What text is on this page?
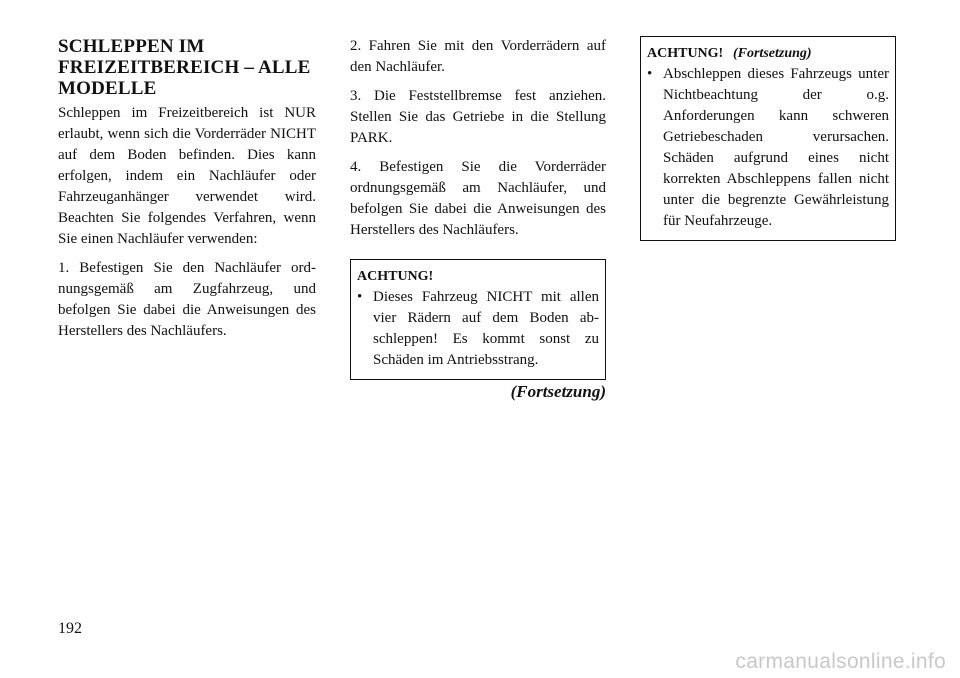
SCHLEPPEN IM
FREIZEITBEREICH – ALLE
MODELLE

Schleppen im Freizeitbereich ist NUR erlaubt, wenn sich die Vorderräder NICHT auf dem Boden befinden. Dies kann erfolgen, indem ein Nachläufer oder Fahrzeuganhänger verwendet wird. Beachten Sie folgendes Verfahren, wenn Sie einen Nachläufer verwenden:

1. Befestigen Sie den Nachläufer ordnungsgemäß am Zugfahrzeug, und befolgen Sie dabei die Anweisungen des Herstellers des Nachläufers.

2. Fahren Sie mit den Vorderrädern auf den Nachläufer.

3. Die Feststellbremse fest anziehen. Stellen Sie das Getriebe in die Stellung PARK.

4. Befestigen Sie die Vorderräder ordnungsgemäß am Nachläufer, und befolgen Sie dabei die Anweisungen des Herstellers des Nachläufers.

ACHTUNG!
• Dieses Fahrzeug NICHT mit allen vier Rädern auf dem Boden abschleppen! Es kommt sonst zu Schäden im Antriebsstrang.
(Fortsetzung)
ACHTUNG! (Fortsetzung)
• Abschleppen dieses Fahrzeugs unter Nichtbeachtung der o.g. Anforderungen kann schweren Getriebeschaden verursachen. Schäden aufgrund eines nicht korrekten Abschleppens fallen nicht unter die begrenzte Gewährleistung für Neufahrzeuge.
192
carmanualsonline.info
